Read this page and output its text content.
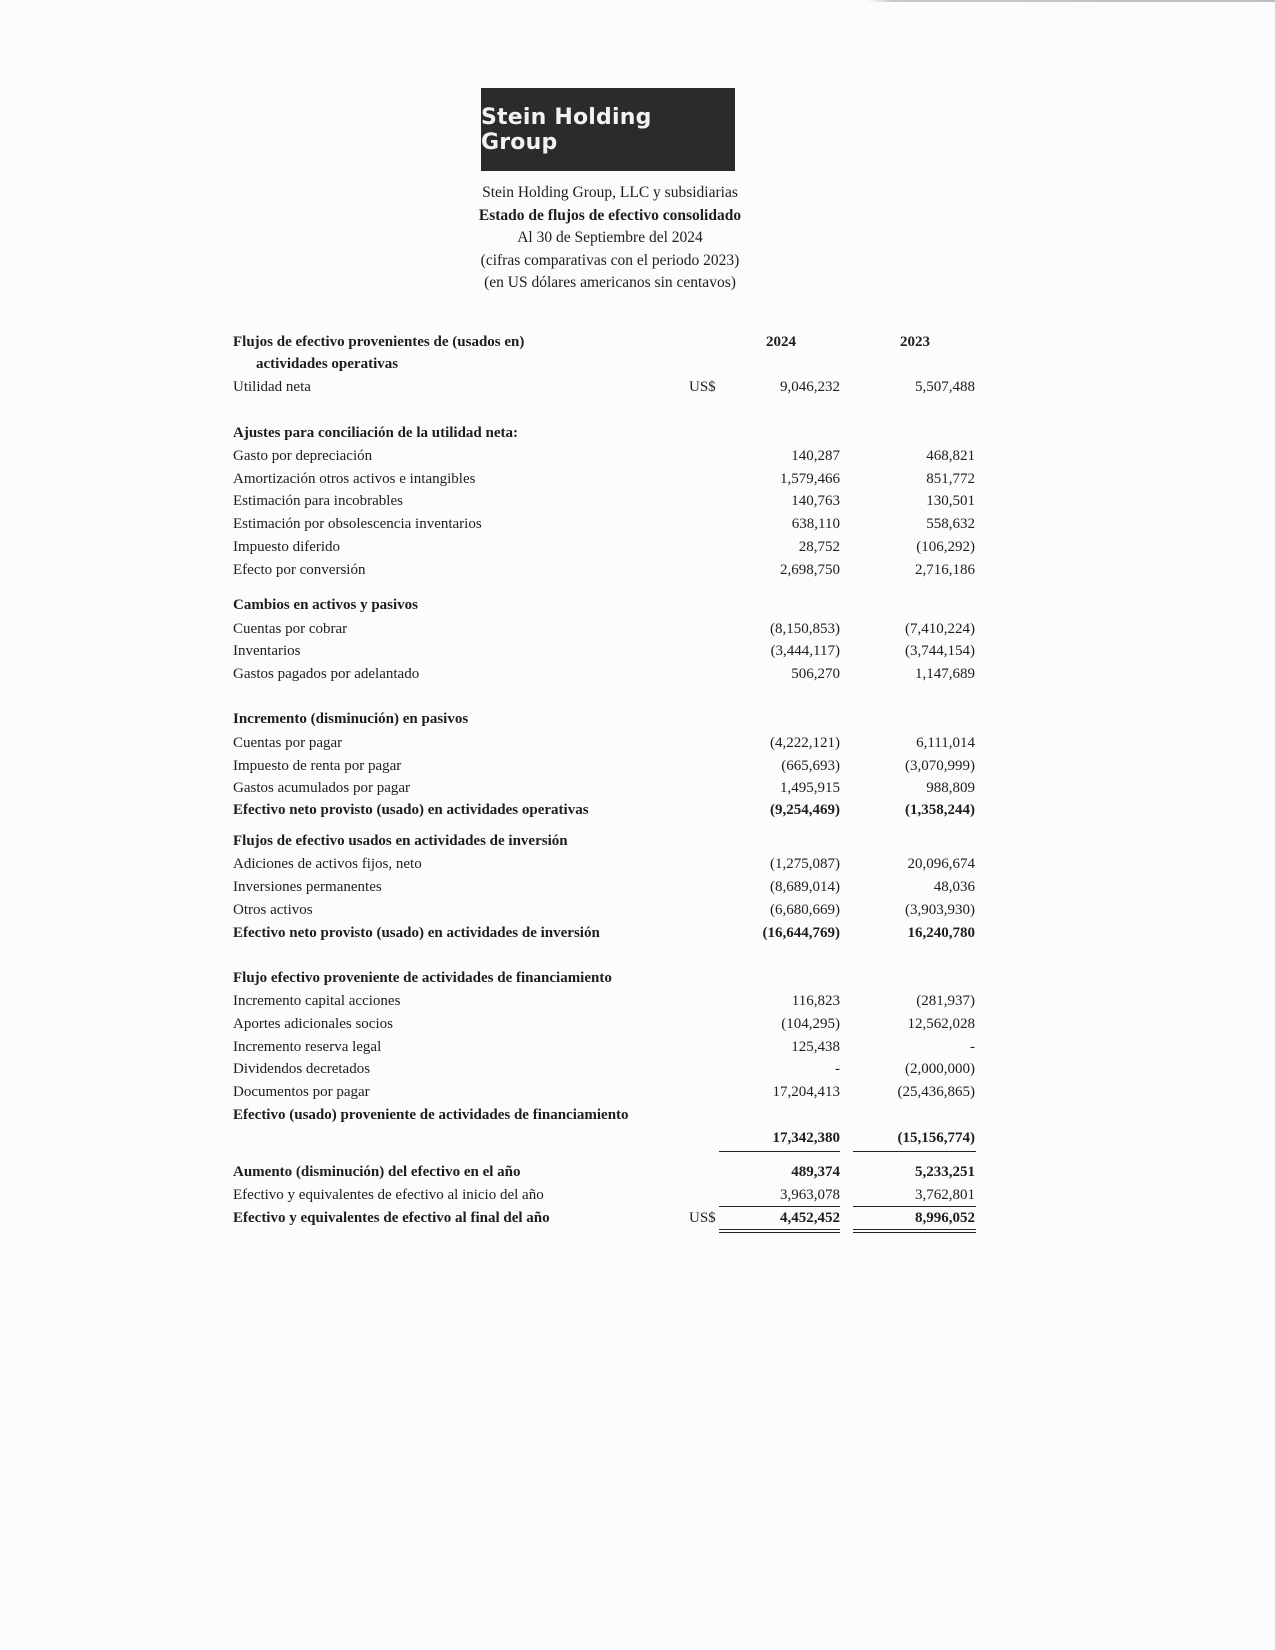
Stein Holding Group
Stein Holding Group, LLC y subsidiarias
Estado de flujos de efectivo consolidado
Al 30 de Septiembre del 2024
(cifras comparativas con el periodo 2023)
(en US dólares americanos sin centavos)
Flujos de efectivo provenientes de (usados en)	2024	2023
actividades operativas
Utilidad neta	US$	9,046,232	5,507,488
Ajustes para conciliación de la utilidad neta:
Gasto por depreciación	140,287	468,821
Amortización otros activos e intangibles	1,579,466	851,772
Estimación para incobrables	140,763	130,501
Estimación por obsolescencia inventarios	638,110	558,632
Impuesto diferido	28,752	(106,292)
Efecto por conversión	2,698,750	2,716,186
Cambios en activos y pasivos
Cuentas por cobrar	(8,150,853)	(7,410,224)
Inventarios	(3,444,117)	(3,744,154)
Gastos pagados por adelantado	506,270	1,147,689
Incremento (disminución) en pasivos
Cuentas por pagar	(4,222,121)	6,111,014
Impuesto de renta por pagar	(665,693)	(3,070,999)
Gastos acumulados por pagar	1,495,915	988,809
Efectivo neto provisto (usado) en actividades operativas	(9,254,469)	(1,358,244)
Flujos de efectivo usados en actividades de inversión
Adiciones de activos fijos, neto	(1,275,087)	20,096,674
Inversiones permanentes	(8,689,014)	48,036
Otros activos	(6,680,669)	(3,903,930)
Efectivo neto provisto (usado) en actividades de inversión	(16,644,769)	16,240,780
Flujo efectivo proveniente de actividades de financiamiento
Incremento capital acciones	116,823	(281,937)
Aportes adicionales socios	(104,295)	12,562,028
Incremento reserva legal	125,438	-
Dividendos decretados	-	(2,000,000)
Documentos por pagar	17,204,413	(25,436,865)
Efectivo (usado) proveniente de actividades de financiamiento
17,342,380	(15,156,774)
Aumento (disminución) del efectivo en el año	489,374	5,233,251
Efectivo y equivalentes de efectivo al inicio del año	3,963,078	3,762,801
Efectivo y equivalentes de efectivo al final del año	US$	4,452,452	8,996,052
